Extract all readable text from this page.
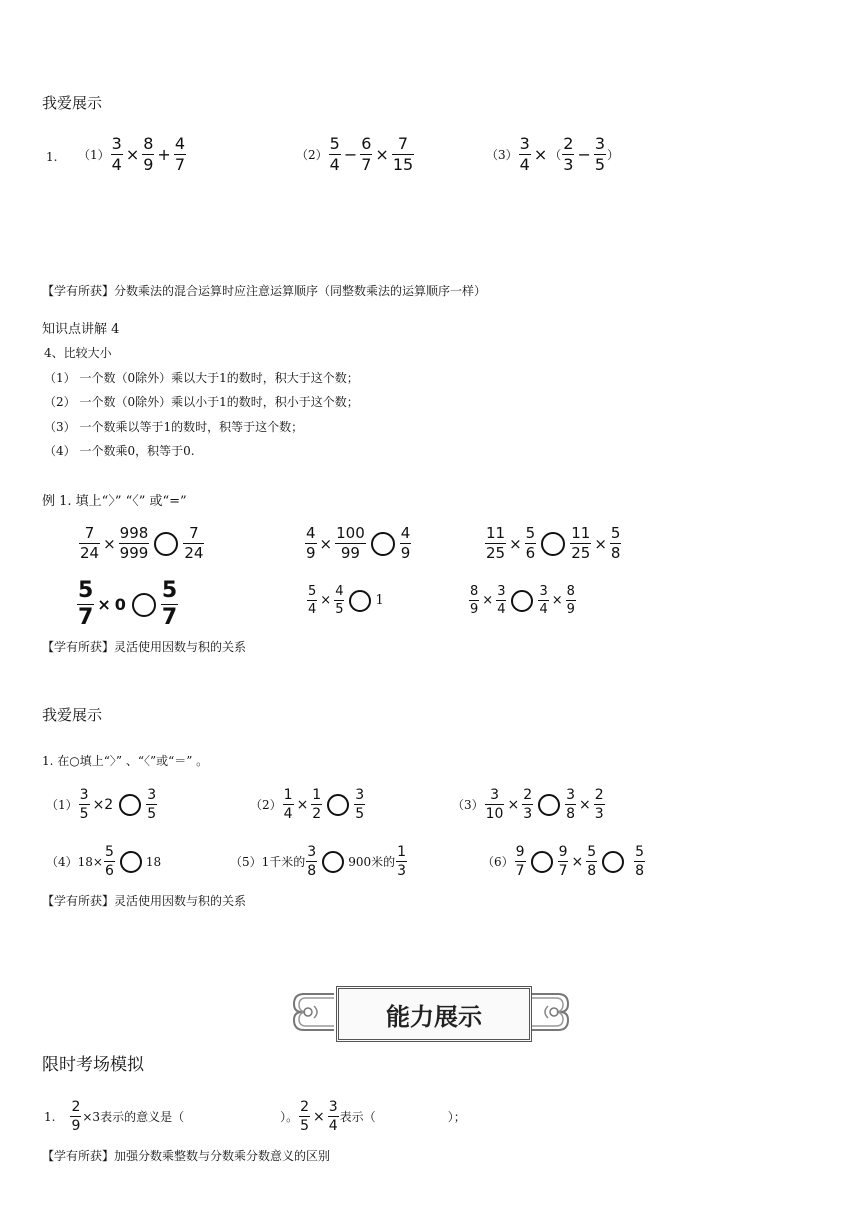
我爱展示
1. $(1) \frac{3}{4} \times \frac{8}{9} + \frac{4}{7}$	$(2) \frac{5}{4} - \frac{6}{7} \times \frac{7}{15}$	$(3) \frac{3}{4}$ × （ $\frac{2}{3} - \frac{3}{5}$ ）
【学有所获】分数乘法的混合运算时应注意运算顺序（同整数乘法的运算顺序一样）
知识点讲解 4
4、比较大小
（1） 一个数（0除外）乘以大于1的数时，积大于这个数；
（2） 一个数（0除外）乘以小于1的数时，积小于这个数；
（3） 一个数乘以等于1的数时，积等于这个数；
（4） 一个数乘0，积等于0.
例 1. 填上“〉” “〈” 或“=”
$\frac{7}{24} \times \frac{998}{999} \frac{7}{24}$	$\frac{4}{9} \times \frac{100}{99} \frac{4}{9}$	$\frac{11}{25} \times \frac{5}{6} \frac{11}{25} \times \frac{5}{8}$
$\frac{5}{7} \times 0 \frac{5}{7}$	$\frac{5}{4} \times \frac{4}{5} 1$	$\frac{8}{9} \times \frac{3}{4} \frac{3}{4} \times \frac{8}{9}$
【学有所获】灵活使用因数与积的关系
我爱展示
1. 在○填上“〉” 、“〈”或“＝” 。
$(1) \frac{3}{5} \times 2 \frac{3}{5}$	$(2) \frac{1}{4} \times \frac{1}{2} \frac{3}{5}$	$(3) \frac{3}{10} \times \frac{2}{3} \frac{3}{8} \times \frac{2}{3}$
$(4)18\times \frac{5}{6}$	18	（5）1千米的 $\frac{3}{8}$	900米的 $\frac{1}{3}$	$(6) \frac{9}{7} \frac{9}{7} \times \frac{5}{8}$	$\frac{5}{8}$
【学有所获】灵活使用因数与积的关系
能力展示
限时考场模拟
1. $\frac{2}{9} \times 3$表示的意义是（	）。 $\frac{2}{5} \times \frac{3}{4}$ 表示（	）；
【学有所获】加强分数乘整数与分数乘分数意义的区别
